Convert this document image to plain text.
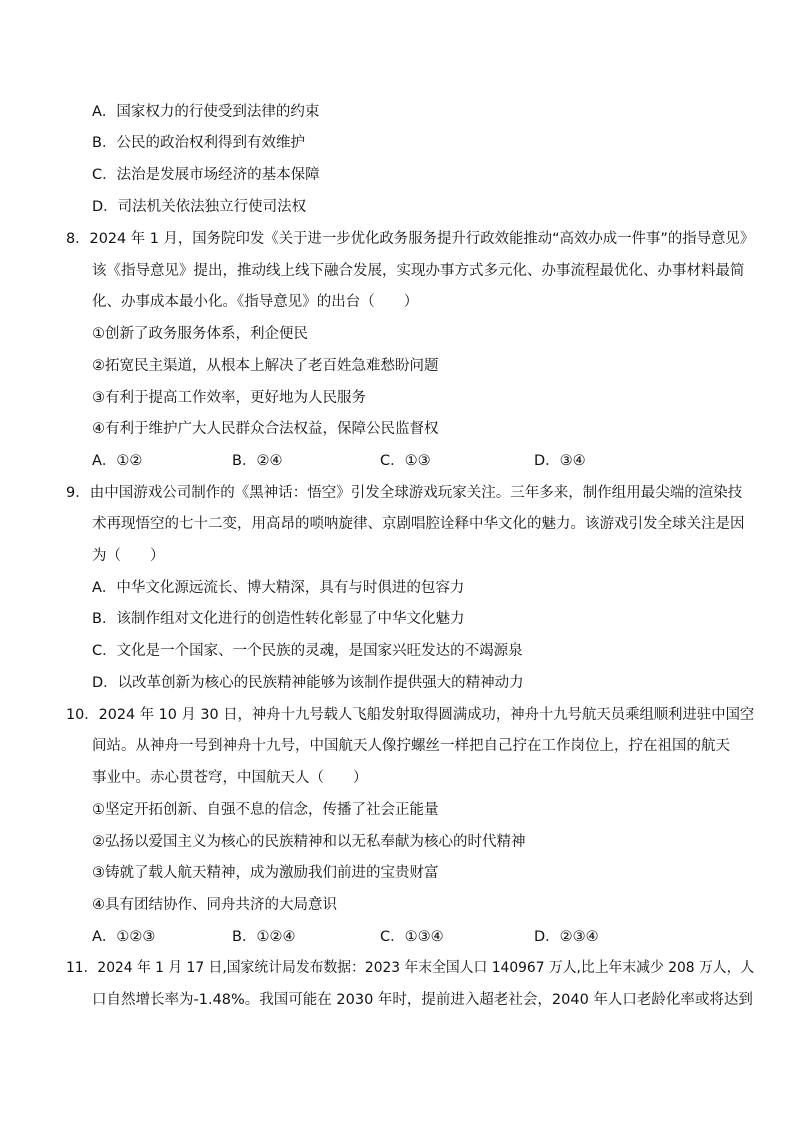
A．国家权力的行使受到法律的约束
B．公民的政治权利得到有效维护
C．法治是发展市场经济的基本保障
D．司法机关依法独立行使司法权
8．2024 年 1 月，国务院印发《关于进一步优化政务服务提升行政效能推动“高效办成一件事”的指导意见》
该《指导意见》提出，推动线上线下融合发展，实现办事方式多元化、办事流程最优化、办事材料最简
化、办事成本最小化。《指导意见》的出台（　　）
①创新了政务服务体系，利企便民
②拓宽民主渠道，从根本上解决了老百姓急难愁盼问题
③有利于提高工作效率，更好地为人民服务
④有利于维护广大人民群众合法权益，保障公民监督权
A．①②	B．②④	C．①③	D．③④
9．由中国游戏公司制作的《黑神话：悟空》引发全球游戏玩家关注。三年多来，制作组用最尖端的渲染技
术再现悟空的七十二变，用高昂的唢呐旋律、京剧唱腔诠释中华文化的魅力。该游戏引发全球关注是因
为（　　）
A．中华文化源远流长、博大精深，具有与时俱进的包容力
B．该制作组对文化进行的创造性转化彰显了中华文化魅力
C．文化是一个国家、一个民族的灵魂，是国家兴旺发达的不竭源泉
D．以改革创新为核心的民族精神能够为该制作提供强大的精神动力
10．2024 年 10 月 30 日，神舟十九号载人飞船发射取得圆满成功，神舟十九号航天员乘组顺利进驻中国空
间站。从神舟一号到神舟十九号，中国航天人像拧螺丝一样把自己拧在工作岗位上，拧在祖国的航天
事业中。赤心贯苍穹，中国航天人（　　）
①坚定开拓创新、自强不息的信念，传播了社会正能量
②弘扬以爱国主义为核心的民族精神和以无私奉献为核心的时代精神
③铸就了载人航天精神，成为激励我们前进的宝贵财富
④具有团结协作、同舟共济的大局意识
A．①②③	B．①②④	C．①③④	D．②③④
11．2024 年 1 月 17 日,国家统计局发布数据：2023 年末全国人口 140967 万人,比上年末减少 208 万人，人
口自然增长率为-1.48%。我国可能在 2030 年时，提前进入超老社会，2040 年人口老龄化率或将达到
